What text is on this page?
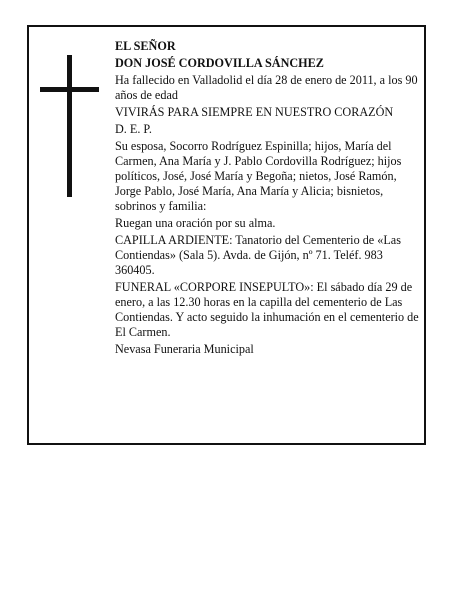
EL SEÑOR

DON JOSÉ CORDOVILLA SÁNCHEZ

Ha fallecido en Valladolid el día 28 de enero de 2011, a los 90 años de edad

VIVIRÁS PARA SIEMPRE EN NUESTRO CORAZÓN

D. E. P.

Su esposa, Socorro Rodríguez Espinilla; hijos, María del Carmen, Ana María y J. Pablo Cordovilla Rodríguez; hijos políticos, José, José María y Begoña; nietos, José Ramón, Jorge Pablo, José María, Ana María y Alicia; bisnietos, sobrinos y familia:

Ruegan una oración por su alma.

CAPILLA ARDIENTE: Tanatorio del Cementerio de «Las Contiendas» (Sala 5). Avda. de Gijón, nº 71. Teléf. 983 360405.

FUNERAL «CORPORE INSEPULTO»: El sábado día 29 de enero, a las 12.30 horas en la capilla del cementerio de Las Contiendas. Y acto seguido la inhumación en el cementerio de El Carmen.

Nevasa Funeraria Municipal
